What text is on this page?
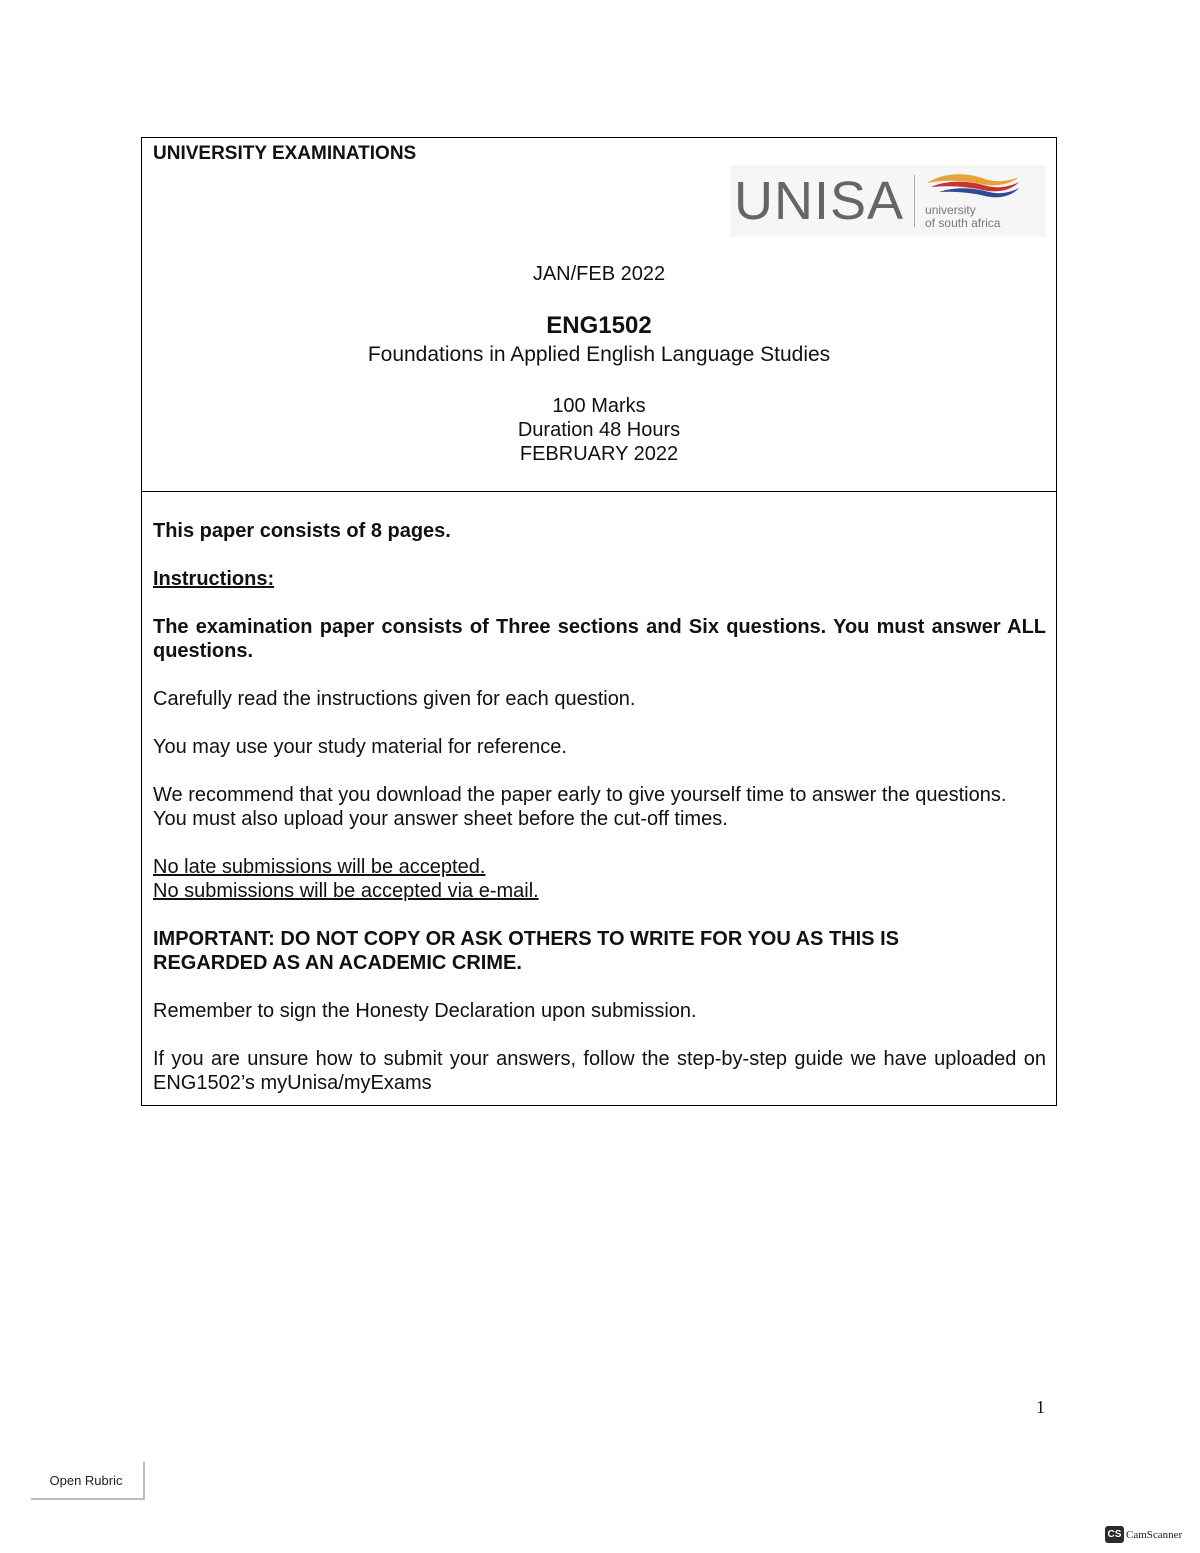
UNIVERSITY EXAMINATIONS
UNISA university
of south africa
JAN/FEB 2022
ENG1502
Foundations in Applied English Language Studies
100 Marks
Duration 48 Hours
FEBRUARY 2022

This paper consists of 8 pages.

Instructions:

The examination paper consists of Three sections and Six questions. You must answer ALL questions.

Carefully read the instructions given for each question.

You may use your study material for reference.

We recommend that you download the paper early to give yourself time to answer the questions.
You must also upload your answer sheet before the cut-off times.

No late submissions will be accepted.
No submissions will be accepted via e-mail.

IMPORTANT: DO NOT COPY OR ASK OTHERS TO WRITE FOR YOU AS THIS IS
REGARDED AS AN ACADEMIC CRIME.

Remember to sign the Honesty Declaration upon submission.

If you are unsure how to submit your answers, follow the step-by-step guide we have uploaded on ENG1502’s myUnisa/myExams

1
Open Rubric
CS CamScanner
